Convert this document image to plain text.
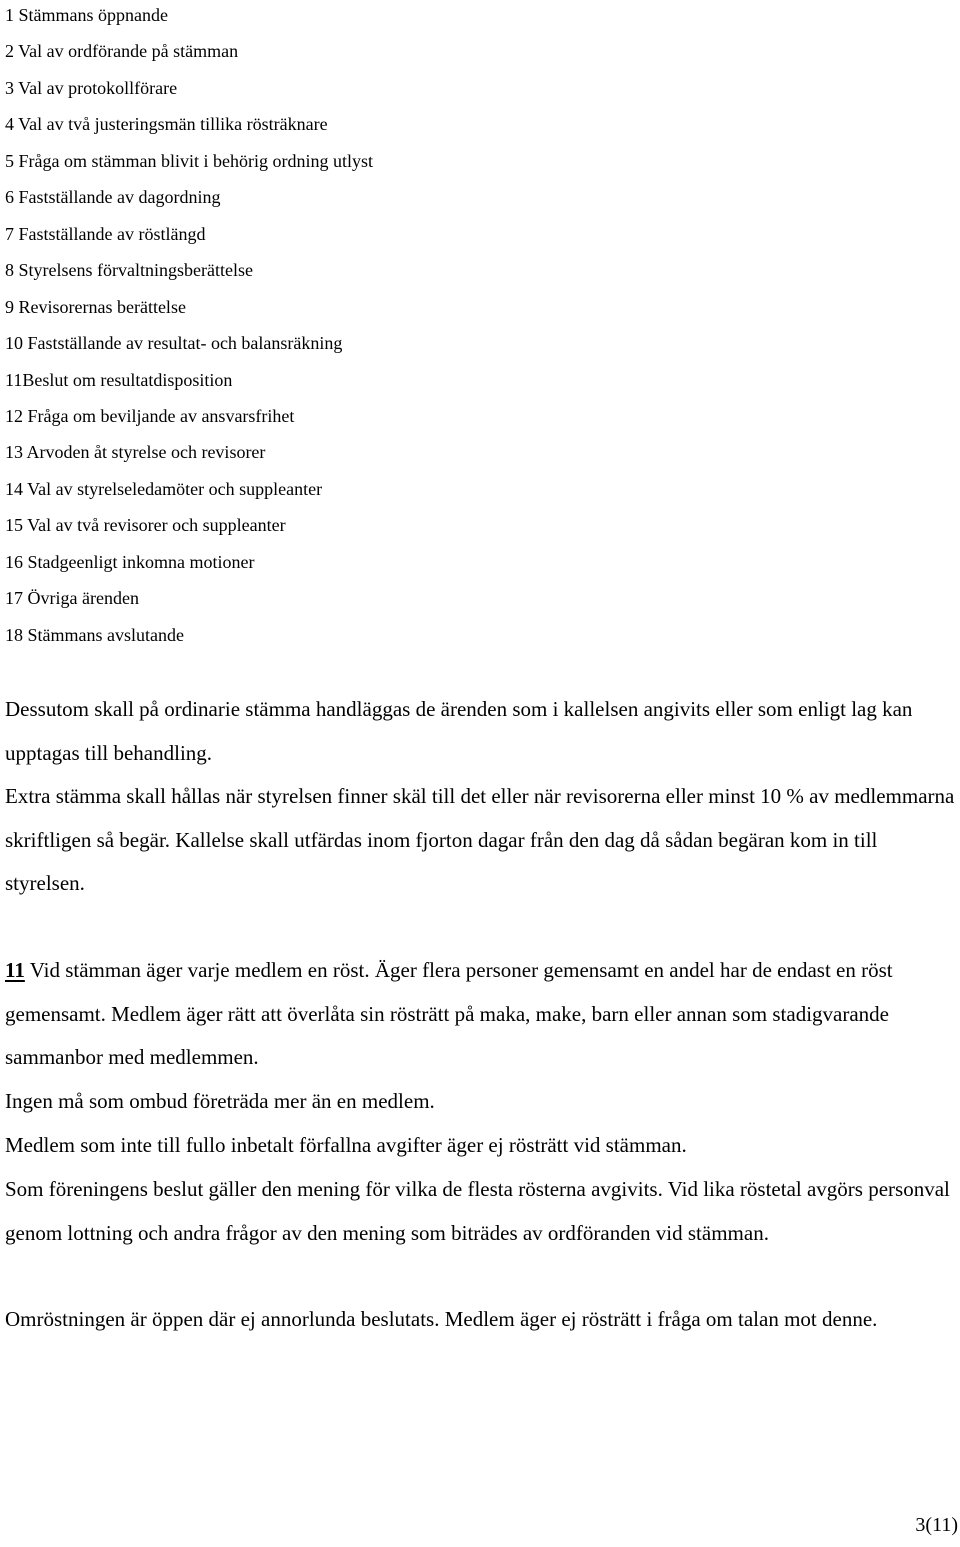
1 Stämmans öppnande
2 Val av ordförande på stämman
3 Val av protokollförare
4 Val av två justeringsmän tillika rösträknare
5 Fråga om stämman blivit i behörig ordning utlyst
6 Fastställande av dagordning
7 Fastställande av röstlängd
8 Styrelsens förvaltningsberättelse
9 Revisorernas berättelse
10 Fastställande av resultat- och balansräkning
11Beslut om resultatdisposition
12 Fråga om beviljande av ansvarsfrihet
13 Arvoden åt styrelse och revisorer
14 Val av styrelseledamöter och suppleanter
15 Val av två revisorer och suppleanter
16 Stadgeenligt inkomna motioner
17 Övriga ärenden
18 Stämmans avslutande

Dessutom skall på ordinarie stämma handläggas de ärenden som i kallelsen angivits eller som enligt lag kan upptagas till behandling.

Extra stämma skall hållas när styrelsen finner skäl till det eller när revisorerna eller minst 10 % av medlemmarna skriftligen så begär. Kallelse skall utfärdas inom fjorton dagar från den dag då sådan begäran kom in till styrelsen.

11 Vid stämman äger varje medlem en röst. Äger flera personer gemensamt en andel har de endast en röst gemensamt. Medlem äger rätt att överlåta sin rösträtt på maka, make, barn eller annan som stadigvarande sammanbor med medlemmen.

Ingen må som ombud företräda mer än en medlem.

Medlem som inte till fullo inbetalt förfallna avgifter äger ej rösträtt vid stämman.

Som föreningens beslut gäller den mening för vilka de flesta rösterna avgivits. Vid lika röstetal avgörs personval genom lottning och andra frågor av den mening som biträdes av ordföranden vid stämman.

Omröstningen är öppen där ej annorlunda beslutats. Medlem äger ej rösträtt i fråga om talan mot denne.

3(11)
